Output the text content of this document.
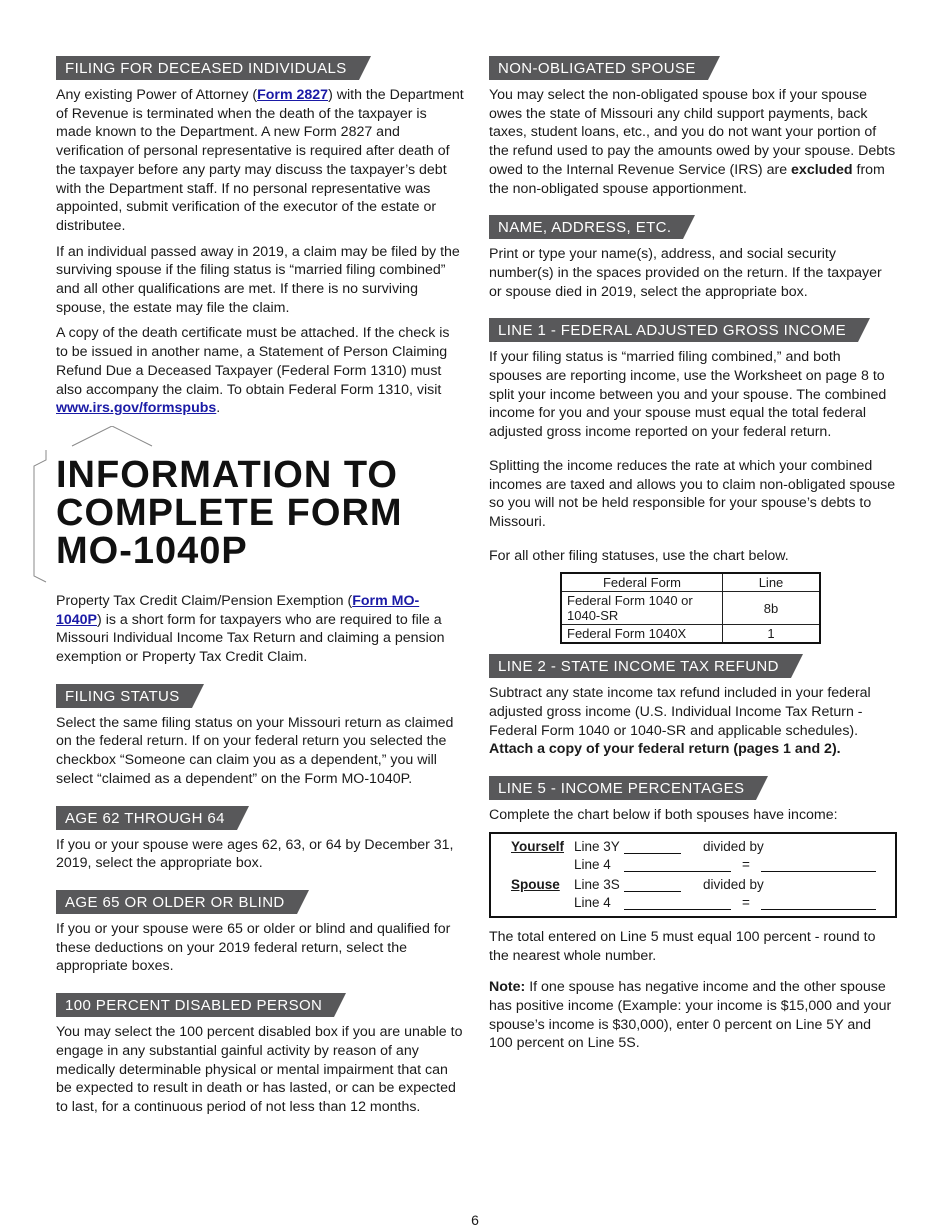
FILING FOR DECEASED INDIVIDUALS

Any existing Power of Attorney (Form 2827) with the Department of Revenue is terminated when the death of the taxpayer is made known to the Department. A new Form 2827 and verification of personal representative is required after death of the taxpayer before any party may discuss the taxpayer’s debt with the Department staff. If no personal representative was appointed, submit verification of the executor of the estate or distributee.

If an individual passed away in 2019, a claim may be filed by the surviving spouse if the filing status is “married filing combined” and all other qualifications are met. If there is no surviving spouse, the estate may file the claim.

A copy of the death certificate must be attached. If the check is to be issued in another name, a Statement of Person Claiming Refund Due a Deceased Taxpayer (Federal Form 1310) must also accompany the claim. To obtain Federal Form 1310, visit www.irs.gov/formspubs.

INFORMATION TO
COMPLETE FORM
MO-1040P

Property Tax Credit Claim/Pension Exemption (Form MO-1040P) is a short form for taxpayers who are required to file a Missouri Individual Income Tax Return and claiming a pension exemption or Property Tax Credit Claim.

FILING STATUS

Select the same filing status on your Missouri return as claimed on the federal return. If on your federal return you selected the checkbox “Someone can claim you as a dependent,” you will select “claimed as a dependent” on the Form MO-1040P.

AGE 62 THROUGH 64

If you or your spouse were ages 62, 63, or 64 by December 31, 2019, select the appropriate box.

AGE 65 OR OLDER OR BLIND

If you or your spouse were 65 or older or blind and qualified for these deductions on your 2019 federal return, select the appropriate boxes.

100 PERCENT DISABLED PERSON

You may select the 100 percent disabled box if you are unable to engage in any substantial gainful activity by reason of any medically determinable physical or mental impairment that can be expected to result in death or has lasted, or can be expected to last, for a continuous period of not less than 12 months.

NON-OBLIGATED SPOUSE

You may select the non-obligated spouse box if your spouse owes the state of Missouri any child support payments, back taxes, student loans, etc., and you do not want your portion of the refund used to pay the amounts owed by your spouse. Debts owed to the Internal Revenue Service (IRS) are excluded from the non-obligated spouse apportionment.

NAME, ADDRESS, ETC.

Print or type your name(s), address, and social security number(s) in the spaces provided on the return. If the taxpayer or spouse died in 2019, select the appropriate box.

LINE 1 - FEDERAL ADJUSTED GROSS INCOME

If your filing status is “married filing combined,” and both spouses are reporting income, use the Worksheet on page 8 to split your income between you and your spouse. The combined income for you and your spouse must equal the total federal adjusted gross income reported on your federal return.

Splitting the income reduces the rate at which your combined incomes are taxed and allows you to claim non-obligated spouse so you will not be held responsible for your spouse’s debts to Missouri.

For all other filing statuses, use the chart below.

Federal Form	Line
Federal Form 1040 or 1040-SR	8b
Federal Form 1040X	1
LINE 2 - STATE INCOME TAX REFUND

Subtract any state income tax refund included in your federal adjusted gross income (U.S. Individual Income Tax Return - Federal Form 1040 or 1040-SR and applicable schedules). Attach a copy of your federal return (pages 1 and 2).

LINE 5 - INCOME PERCENTAGES

Complete the chart below if both spouses have income:

Yourself Line 3Y	divided by
Line 4	=
Spouse	Line 3S	divided by
Line 4	=

The total entered on Line 5 must equal 100 percent - round to the nearest whole number.

Note: If one spouse has negative income and the other spouse has positive income (Example: your income is $15,000 and your spouse’s income is $30,000), enter 0 percent on Line 5Y and 100 percent on Line 5S.

6
